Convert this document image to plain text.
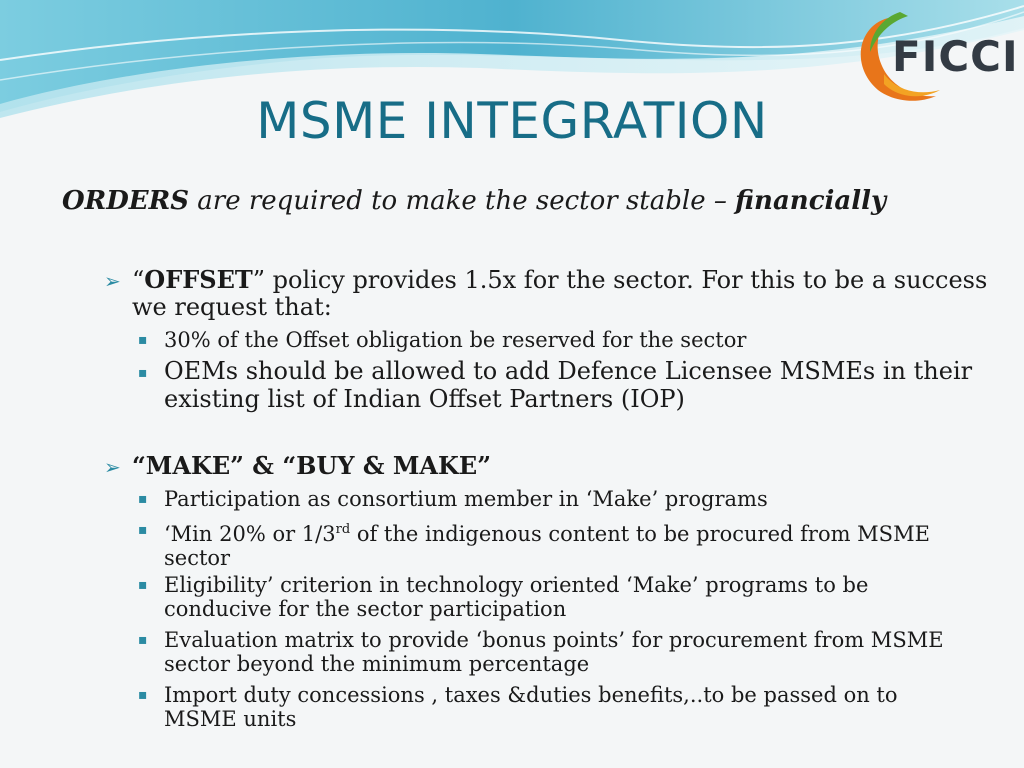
FICCI
MSME INTEGRATION
ORDERS are required to make the sector stable – financially
➢ “OFFSET” policy provides 1.5x for the sector. For this to be a success we request that:
▪ 30% of the Offset obligation be reserved for the sector
▪ OEMs should be allowed to add Defence Licensee MSMEs in their existing list of Indian Offset Partners (IOP)
➢ “MAKE” & “BUY & MAKE”
▪ Participation as consortium member in ‘Make’ programs
▪ ‘Min 20% or 1/3rd of the indigenous content to be procured from MSME sector
▪ Eligibility’ criterion in technology oriented ‘Make’ programs to be conducive for the sector participation
▪ Evaluation matrix to provide ‘bonus points’ for procurement from MSME sector beyond the minimum percentage
▪ Import duty concessions , taxes &duties benefits,..to be passed on to MSME units
